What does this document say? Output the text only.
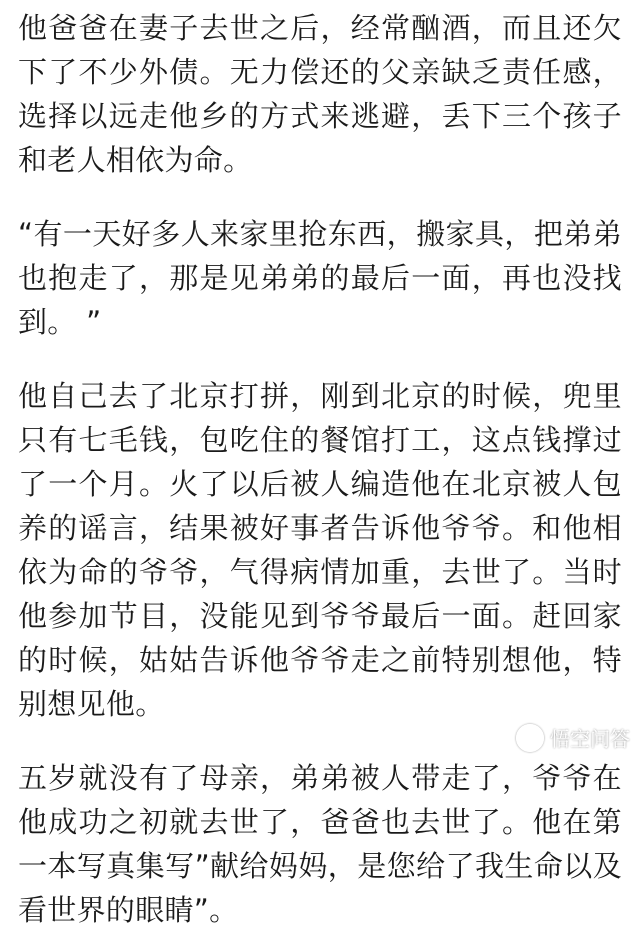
他爸爸在妻子去世之后，经常酗酒，而且还欠下了不少外债。无力偿还的父亲缺乏责任感，选择以远走他乡的方式来逃避，丢下三个孩子和老人相依为命。

“有一天好多人来家里抢东西，搬家具，把弟弟也抱走了，那是见弟弟的最后一面，再也没找到。 ”

他自己去了北京打拼，刚到北京的时候，兜里只有七毛钱，包吃住的餐馆打工，这点钱撑过了一个月。火了以后被人编造他在北京被人包养的谣言，结果被好事者告诉他爷爷。和他相依为命的爷爷，气得病情加重，去世了。当时他参加节目，没能见到爷爷最后一面。赶回家的时候，姑姑告诉他爷爷走之前特别想他，特别想见他。

五岁就没有了母亲，弟弟被人带走了，爷爷在他成功之初就去世了，爸爸也去世了。他在第一本写真集写”献给妈妈，是您给了我生命以及看世界的眼睛”。

悟空问答
